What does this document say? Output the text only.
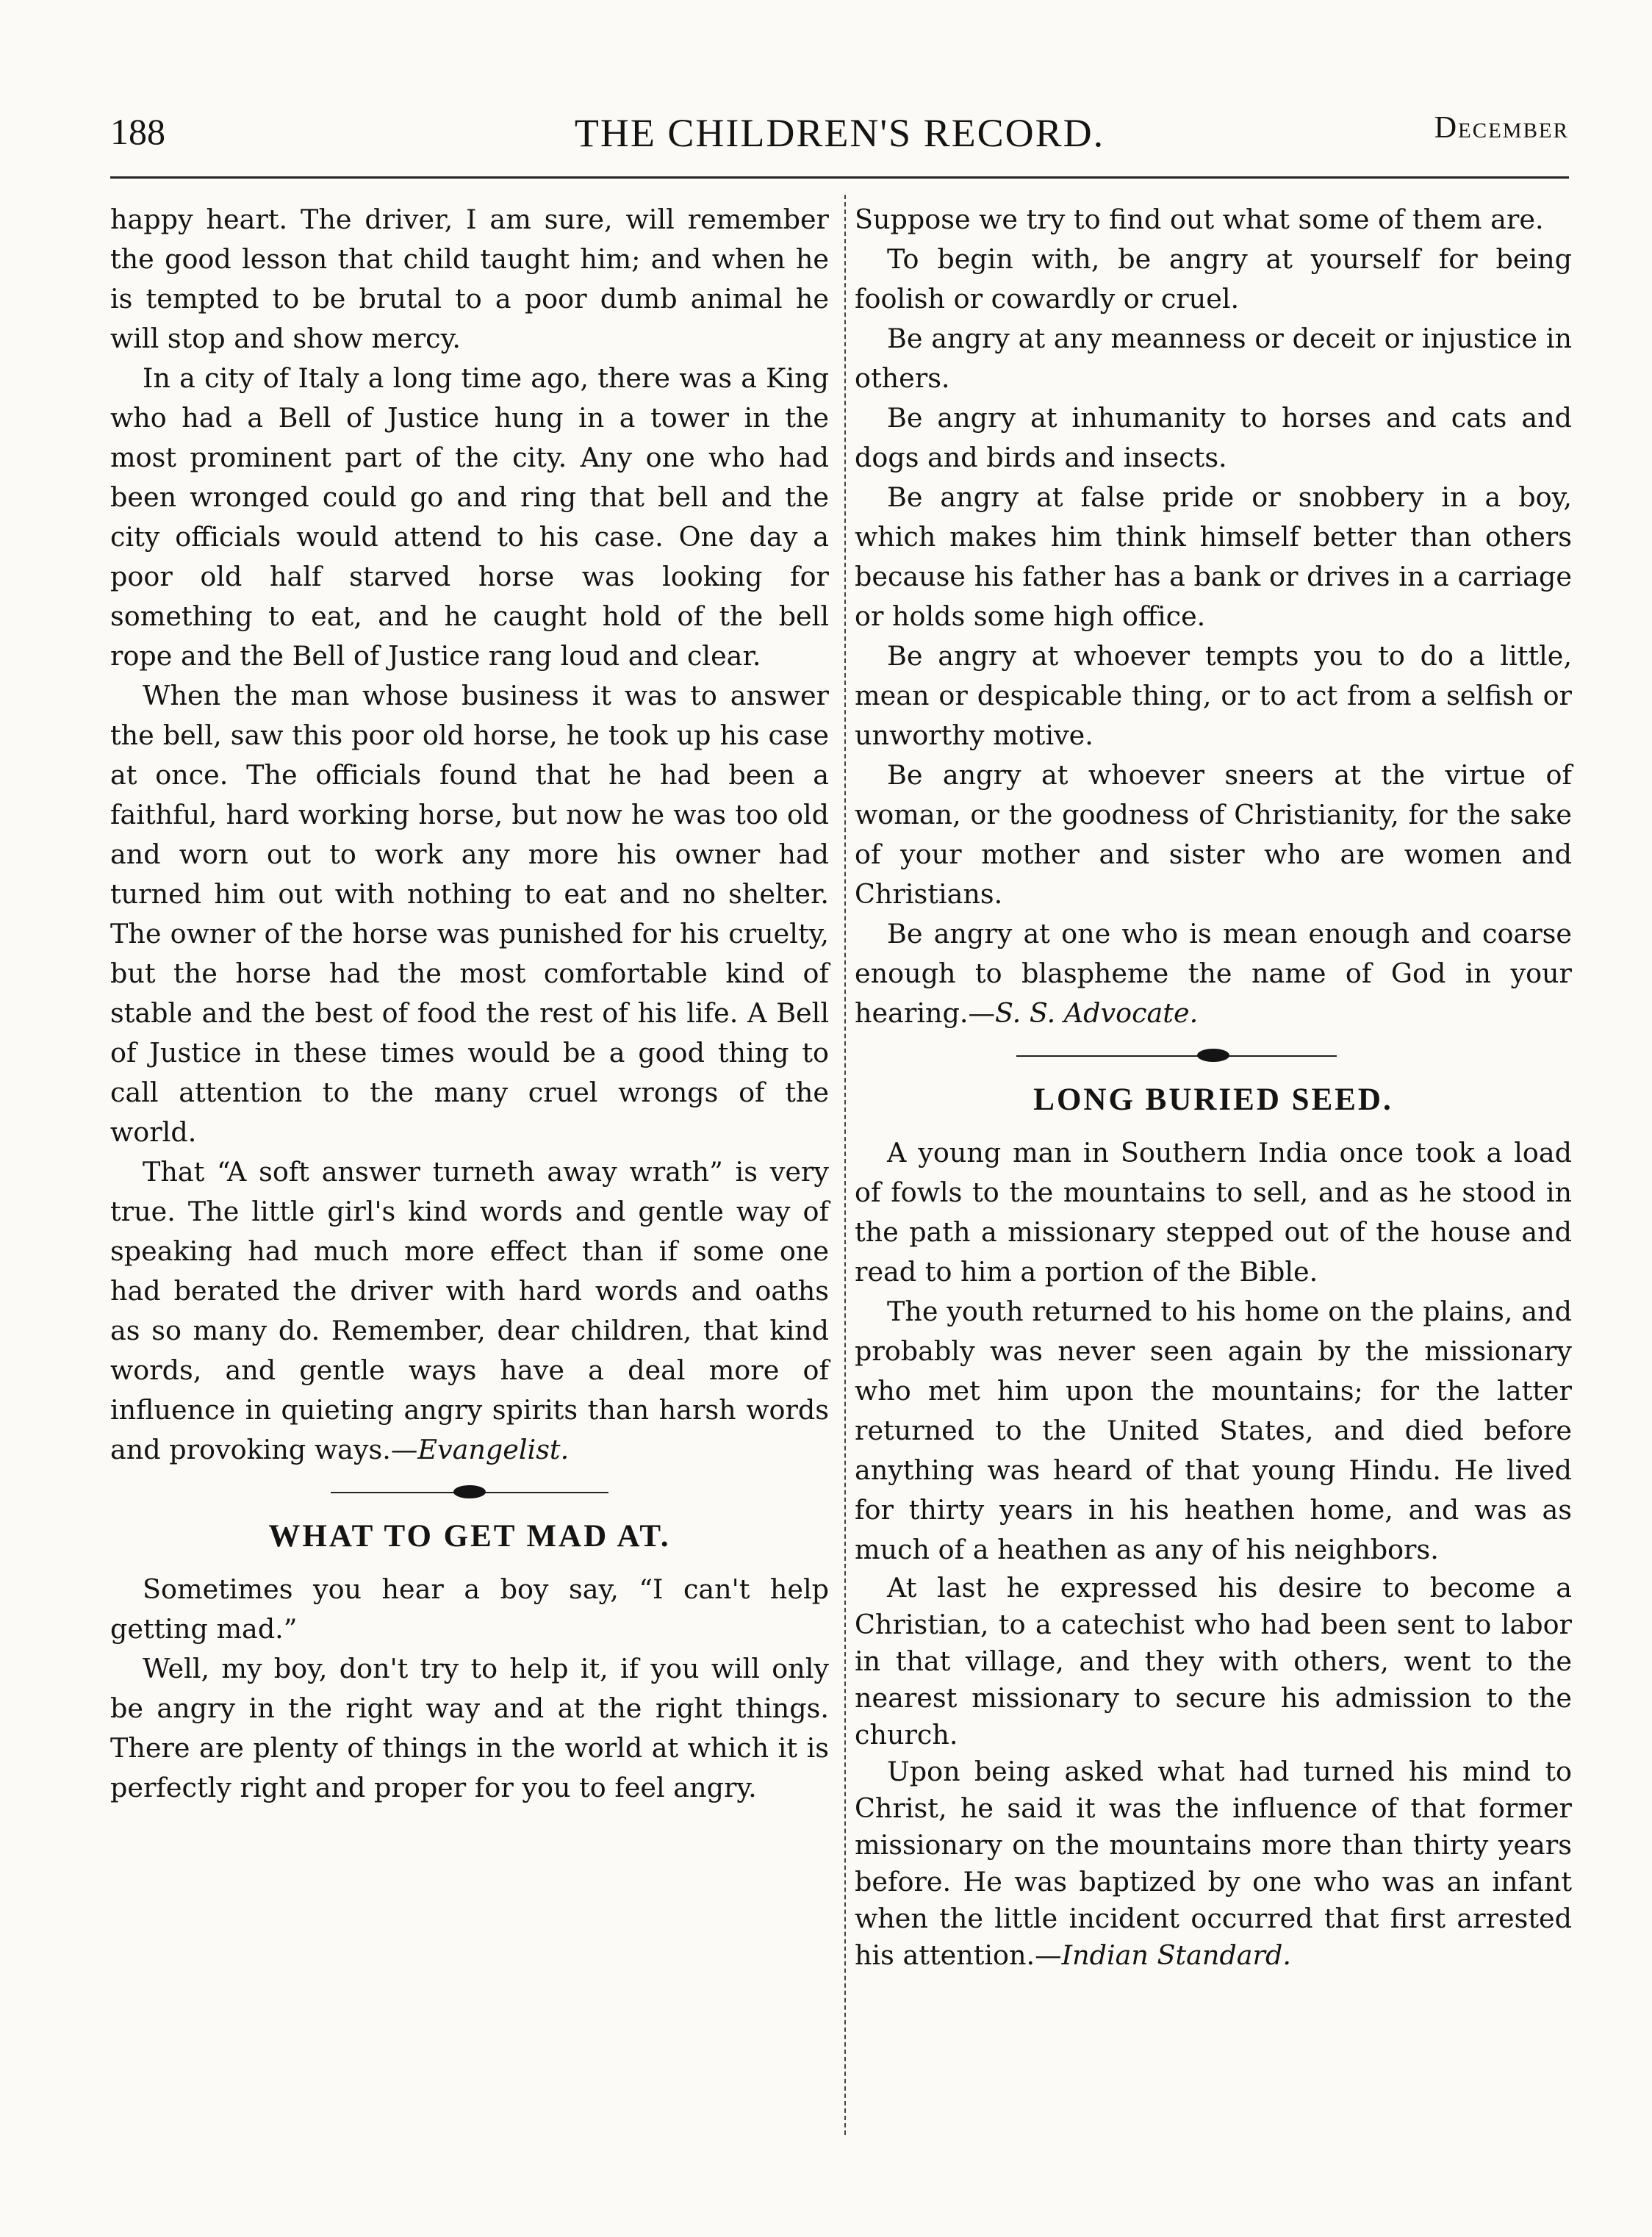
188	THE CHILDREN'S RECORD.	December

happy heart. The driver, I am sure, will remember the good lesson that child taught him; and when he is tempted to be brutal to a poor dumb animal he will stop and show mercy.

In a city of Italy a long time ago, there was a King who had a Bell of Justice hung in a tower in the most prominent part of the city. Any one who had been wronged could go and ring that bell and the city officials would attend to his case. One day a poor old half starved horse was looking for something to eat, and he caught hold of the bell rope and the Bell of Justice rang loud and clear.

When the man whose business it was to answer the bell, saw this poor old horse, he took up his case at once. The officials found that he had been a faithful, hard working horse, but now he was too old and worn out to work any more his owner had turned him out with nothing to eat and no shelter. The owner of the horse was punished for his cruelty, but the horse had the most comfortable kind of stable and the best of food the rest of his life. A Bell of Justice in these times would be a good thing to call attention to the many cruel wrongs of the world.

That “A soft answer turneth away wrath” is very true. The little girl's kind words and gentle way of speaking had much more effect than if some one had berated the driver with hard words and oaths as so many do. Remember, dear children, that kind words, and gentle ways have a deal more of influence in quieting angry spirits than harsh words and provoking ways.—Evangelist.

WHAT TO GET MAD AT.

Sometimes you hear a boy say, “I can't help getting mad.”

Well, my boy, don't try to help it, if you will only be angry in the right way and at the right things. There are plenty of things in the world at which it is perfectly right and proper for you to feel angry.

Suppose we try to find out what some of them are.

To begin with, be angry at yourself for being foolish or cowardly or cruel.

Be angry at any meanness or deceit or injustice in others.

Be angry at inhumanity to horses and cats and dogs and birds and insects.

Be angry at false pride or snobbery in a boy, which makes him think himself better than others because his father has a bank or drives in a carriage or holds some high office.

Be angry at whoever tempts you to do a little, mean or despicable thing, or to act from a selfish or unworthy motive.

Be angry at whoever sneers at the virtue of woman, or the goodness of Christianity, for the sake of your mother and sister who are women and Christians.

Be angry at one who is mean enough and coarse enough to blaspheme the name of God in your hearing.—S. S. Advocate.

LONG BURIED SEED.

A young man in Southern India once took a load of fowls to the mountains to sell, and as he stood in the path a missionary stepped out of the house and read to him a portion of the Bible.

The youth returned to his home on the plains, and probably was never seen again by the missionary who met him upon the mountains; for the latter returned to the United States, and died before anything was heard of that young Hindu. He lived for thirty years in his heathen home, and was as much of a heathen as any of his neighbors.

At last he expressed his desire to become a Christian, to a catechist who had been sent to labor in that village, and they with others, went to the nearest missionary to secure his admission to the church.

Upon being asked what had turned his mind to Christ, he said it was the influence of that former missionary on the mountains more than thirty years before. He was baptized by one who was an infant when the little incident occurred that first arrested his attention.—Indian Standard.
